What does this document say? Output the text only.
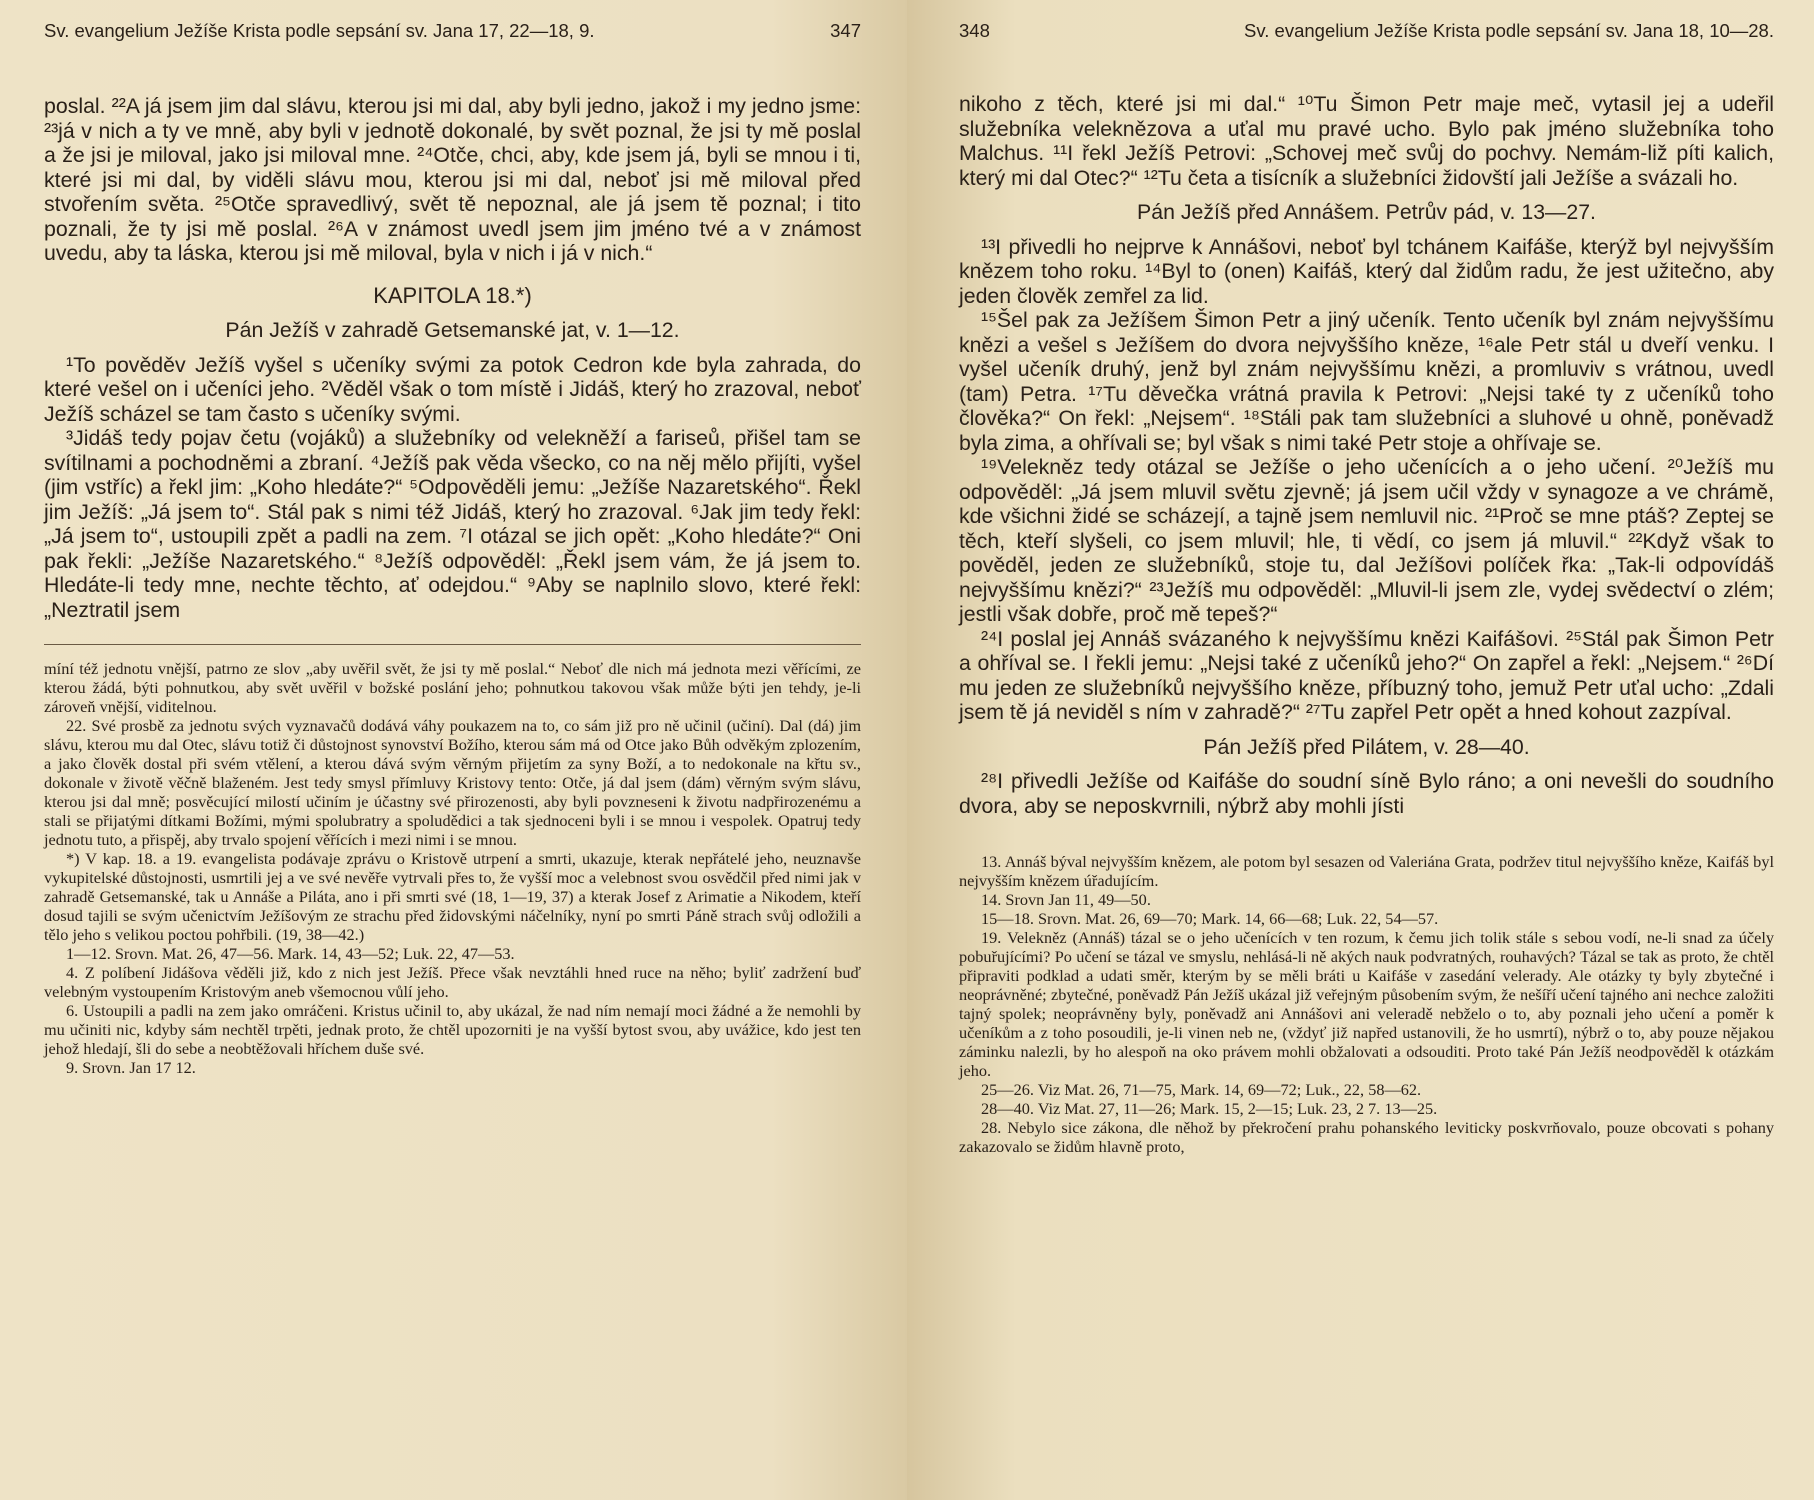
Sv. evangelium Ježíše Krista podle sepsání sv. Jana 17, 22—18, 9.	347

poslal. ²²A já jsem jim dal slávu, kterou jsi mi dal, aby byli jedno, jakož i my jedno jsme: ²³já v nich a ty ve mně, aby byli v jednotě dokonalé, by svět poznal, že jsi ty mě poslal a že jsi je miloval, jako jsi miloval mne. ²⁴Otče, chci, aby, kde jsem já, byli se mnou i ti, které jsi mi dal, by viděli slávu mou, kterou jsi mi dal, neboť jsi mě miloval před stvořením světa. ²⁵Otče spravedlivý, svět tě nepoznal, ale já jsem tě poznal; i tito poznali, že ty jsi mě poslal. ²⁶A v známost uvedl jsem jim jméno tvé a v známost uvedu, aby ta láska, kterou jsi mě miloval, byla v nich i já v nich.“

KAPITOLA 18.*)
Pán Ježíš v zahradě Getsemanské jat, v. 1—12.

¹To pověděv Ježíš vyšel s učeníky svými za potok Cedron kde byla zahrada, do které vešel on i učeníci jeho. ²Věděl však o tom místě i Jidáš, který ho zrazoval, neboť Ježíš scházel se tam často s učeníky svými.

³Jidáš tedy pojav četu (vojáků) a služebníky od velekněží a fariseů, přišel tam se svítilnami a pochodněmi a zbraní. ⁴Ježíš pak věda všecko, co na něj mělo přijíti, vyšel (jim vstříc) a řekl jim: „Koho hledáte?“ ⁵Odpověděli jemu: „Ježíše Nazaretského“. Řekl jim Ježíš: „Já jsem to“. Stál pak s nimi též Jidáš, který ho zrazoval. ⁶Jak jim tedy řekl: „Já jsem to“, ustoupili zpět a padli na zem. ⁷I otázal se jich opět: „Koho hledáte?“ Oni pak řekli: „Ježíše Nazaretského.“ ⁸Ježíš odpověděl: „Řekl jsem vám, že já jsem to. Hledáte-li tedy mne, nechte těchto, ať odejdou.“ ⁹Aby se naplnilo slovo, které řekl: „Neztratil jsem

míní též jednotu vnější, patrno ze slov „aby uvěřil svět, že jsi ty mě poslal.“ Neboť dle nich má jednota mezi věřícími, ze kterou žádá, býti pohnutkou, aby svět uvěřil v božské poslání jeho; pohnutkou takovou však může býti jen tehdy, je-li zároveň vnější, viditelnou.

22. Své prosbě za jednotu svých vyznavačů dodává váhy poukazem na to, co sám již pro ně učinil (učiní). Dal (dá) jim slávu, kterou mu dal Otec, slávu totiž či důstojnost synovství Božího, kterou sám má od Otce jako Bůh odvěkým zplozením, a jako člověk dostal při svém vtělení, a kterou dává svým věrným přijetím za syny Boží, a to nedokonale na křtu sv., dokonale v životě věčně blaženém. Jest tedy smysl přímluvy Kristovy tento: Otče, já dal jsem (dám) věrným svým slávu, kterou jsi dal mně; posvěcující milostí učiním je účastny své přirozenosti, aby byli povzneseni k životu nadpřirozenému a stali se přijatými dítkami Božími, mými spolubratry a spoludědici a tak sjednoceni byli i se mnou i vespolek. Opatruj tedy jednotu tuto, a přispěj, aby trvalo spojení věřících i mezi nimi i se mnou.

*) V kap. 18. a 19. evangelista podávaje zprávu o Kristově utrpení a smrti, ukazuje, kterak nepřátelé jeho, neuznavše vykupitelské důstojnosti, usmrtili jej a ve své nevěře vytrvali přes to, že vyšší moc a velebnost svou osvědčil před nimi jak v zahradě Getsemanské, tak u Annáše a Piláta, ano i při smrti své (18, 1—19, 37) a kterak Josef z Arimatie a Nikodem, kteří dosud tajili se svým učenictvím Ježíšovým ze strachu před židovskými náčelníky, nyní po smrti Páně strach svůj odložili a tělo jeho s velikou poctou pohřbili. (19, 38—42.)

1—12. Srovn. Mat. 26, 47—56. Mark. 14, 43—52; Luk. 22, 47—53.

4. Z políbení Jidášova věděli již, kdo z nich jest Ježíš. Přece však nevztáhli hned ruce na něho; byliť zadržení buď velebným vystoupením Kristovým aneb všemocnou vůlí jeho.

6. Ustoupili a padli na zem jako omráčeni. Kristus učinil to, aby ukázal, že nad ním nemají moci žádné a že nemohli by mu učiniti nic, kdyby sám nechtěl trpěti, jednak proto, že chtěl upozorniti je na vyšší bytost svou, aby uvážice, kdo jest ten jehož hledají, šli do sebe a neobtěžovali hříchem duše své.

9. Srovn. Jan 17 12.

348	Sv. evangelium Ježíše Krista podle sepsání sv. Jana 18, 10—28.

nikoho z těch, které jsi mi dal.“ ¹⁰Tu Šimon Petr maje meč, vytasil jej a udeřil služebníka veleknězova a uťal mu pravé ucho. Bylo pak jméno služebníka toho Malchus. ¹¹I řekl Ježíš Petrovi: „Schovej meč svůj do pochvy. Nemám-liž píti kalich, který mi dal Otec?“ ¹²Tu četa a tisícník a služebníci židovští jali Ježíše a svázali ho.

Pán Ježíš před Annášem. Petrův pád, v. 13—27.

¹³I přivedli ho nejprve k Annášovi, neboť byl tchánem Kaifáše, kterýž byl nejvyšším knězem toho roku. ¹⁴Byl to (onen) Kaifáš, který dal židům radu, že jest užitečno, aby jeden člověk zemřel za lid.

¹⁵Šel pak za Ježíšem Šimon Petr a jiný učeník. Tento učeník byl znám nejvyššímu knězi a vešel s Ježíšem do dvora nejvyššího kněze, ¹⁶ale Petr stál u dveří venku. I vyšel učeník druhý, jenž byl znám nejvyššímu knězi, a promluviv s vrátnou, uvedl (tam) Petra. ¹⁷Tu děvečka vrátná pravila k Petrovi: „Nejsi také ty z učeníků toho člověka?“ On řekl: „Nejsem“. ¹⁸Stáli pak tam služebníci a sluhové u ohně, poněvadž byla zima, a ohřívali se; byl však s nimi také Petr stoje a ohřívaje se.

¹⁹Velekněz tedy otázal se Ježíše o jeho učenících a o jeho učení. ²⁰Ježíš mu odpověděl: „Já jsem mluvil světu zjevně; já jsem učil vždy v synagoze a ve chrámě, kde všichni židé se scházejí, a tajně jsem nemluvil nic. ²¹Proč se mne ptáš? Zeptej se těch, kteří slyšeli, co jsem mluvil; hle, ti vědí, co jsem já mluvil.“ ²²Když však to pověděl, jeden ze služebníků, stoje tu, dal Ježíšovi políček řka: „Tak-li odpovídáš nejvyššímu knězi?“ ²³Ježíš mu odpověděl: „Mluvil-li jsem zle, vydej svědectví o zlém; jestli však dobře, proč mě tepeš?“

²⁴I poslal jej Annáš svázaného k nejvyššímu knězi Kaifášovi. ²⁵Stál pak Šimon Petr a ohříval se. I řekli jemu: „Nejsi také z učeníků jeho?“ On zapřel a řekl: „Nejsem.“ ²⁶Dí mu jeden ze služebníků nejvyššího kněze, příbuzný toho, jemuž Petr uťal ucho: „Zdali jsem tě já neviděl s ním v zahradě?“ ²⁷Tu zapřel Petr opět a hned kohout zazpíval.

Pán Ježíš před Pilátem, v. 28—40.

²⁸I přivedli Ježíše od Kaifáše do soudní síně Bylo ráno; a oni nevešli do soudního dvora, aby se neposkvrnili, nýbrž aby mohli jísti

13. Annáš býval nejvyšším knězem, ale potom byl sesazen od Valeriána Grata, podržev titul nejvyššího kněze, Kaifáš byl nejvyšším knězem úřadujícím.

14. Srovn Jan 11, 49—50.

15—18. Srovn. Mat. 26, 69—70; Mark. 14, 66—68; Luk. 22, 54—57.

19. Velekněz (Annáš) tázal se o jeho učenících v ten rozum, k čemu jich tolik stále s sebou vodí, ne-li snad za účely pobuřujícími? Po učení se tázal ve smyslu, nehlásá-li ně akých nauk podvratných, rouhavých? Tázal se tak as proto, že chtěl připraviti podklad a udati směr, kterým by se měli bráti u Kaifáše v zasedání velerady. Ale otázky ty byly zbytečné i neoprávněné; zbytečné, poněvadž Pán Ježíš ukázal již veřejným působením svým, že nešíří učení tajného ani nechce založiti tajný spolek; neoprávněny byly, poněvadž ani Annášovi ani veleradě nebželo o to, aby poznali jeho učení a poměr k učeníkům a z toho posoudili, je-li vinen neb ne, (vždyť již napřed ustanovili, že ho usmrtí), nýbrž o to, aby pouze nějakou záminku nalezli, by ho alespoň na oko právem mohli obžalovati a odsouditi. Proto také Pán Ježíš neodpověděl k otázkám jeho.

25—26. Viz Mat. 26, 71—75, Mark. 14, 69—72; Luk., 22, 58—62.

28—40. Viz Mat. 27, 11—26; Mark. 15, 2—15; Luk. 23, 2 7. 13—25.

28. Nebylo sice zákona, dle něhož by překročení prahu pohanského leviticky poskvrňovalo, pouze obcovati s pohany zakazovalo se židům hlavně proto,
